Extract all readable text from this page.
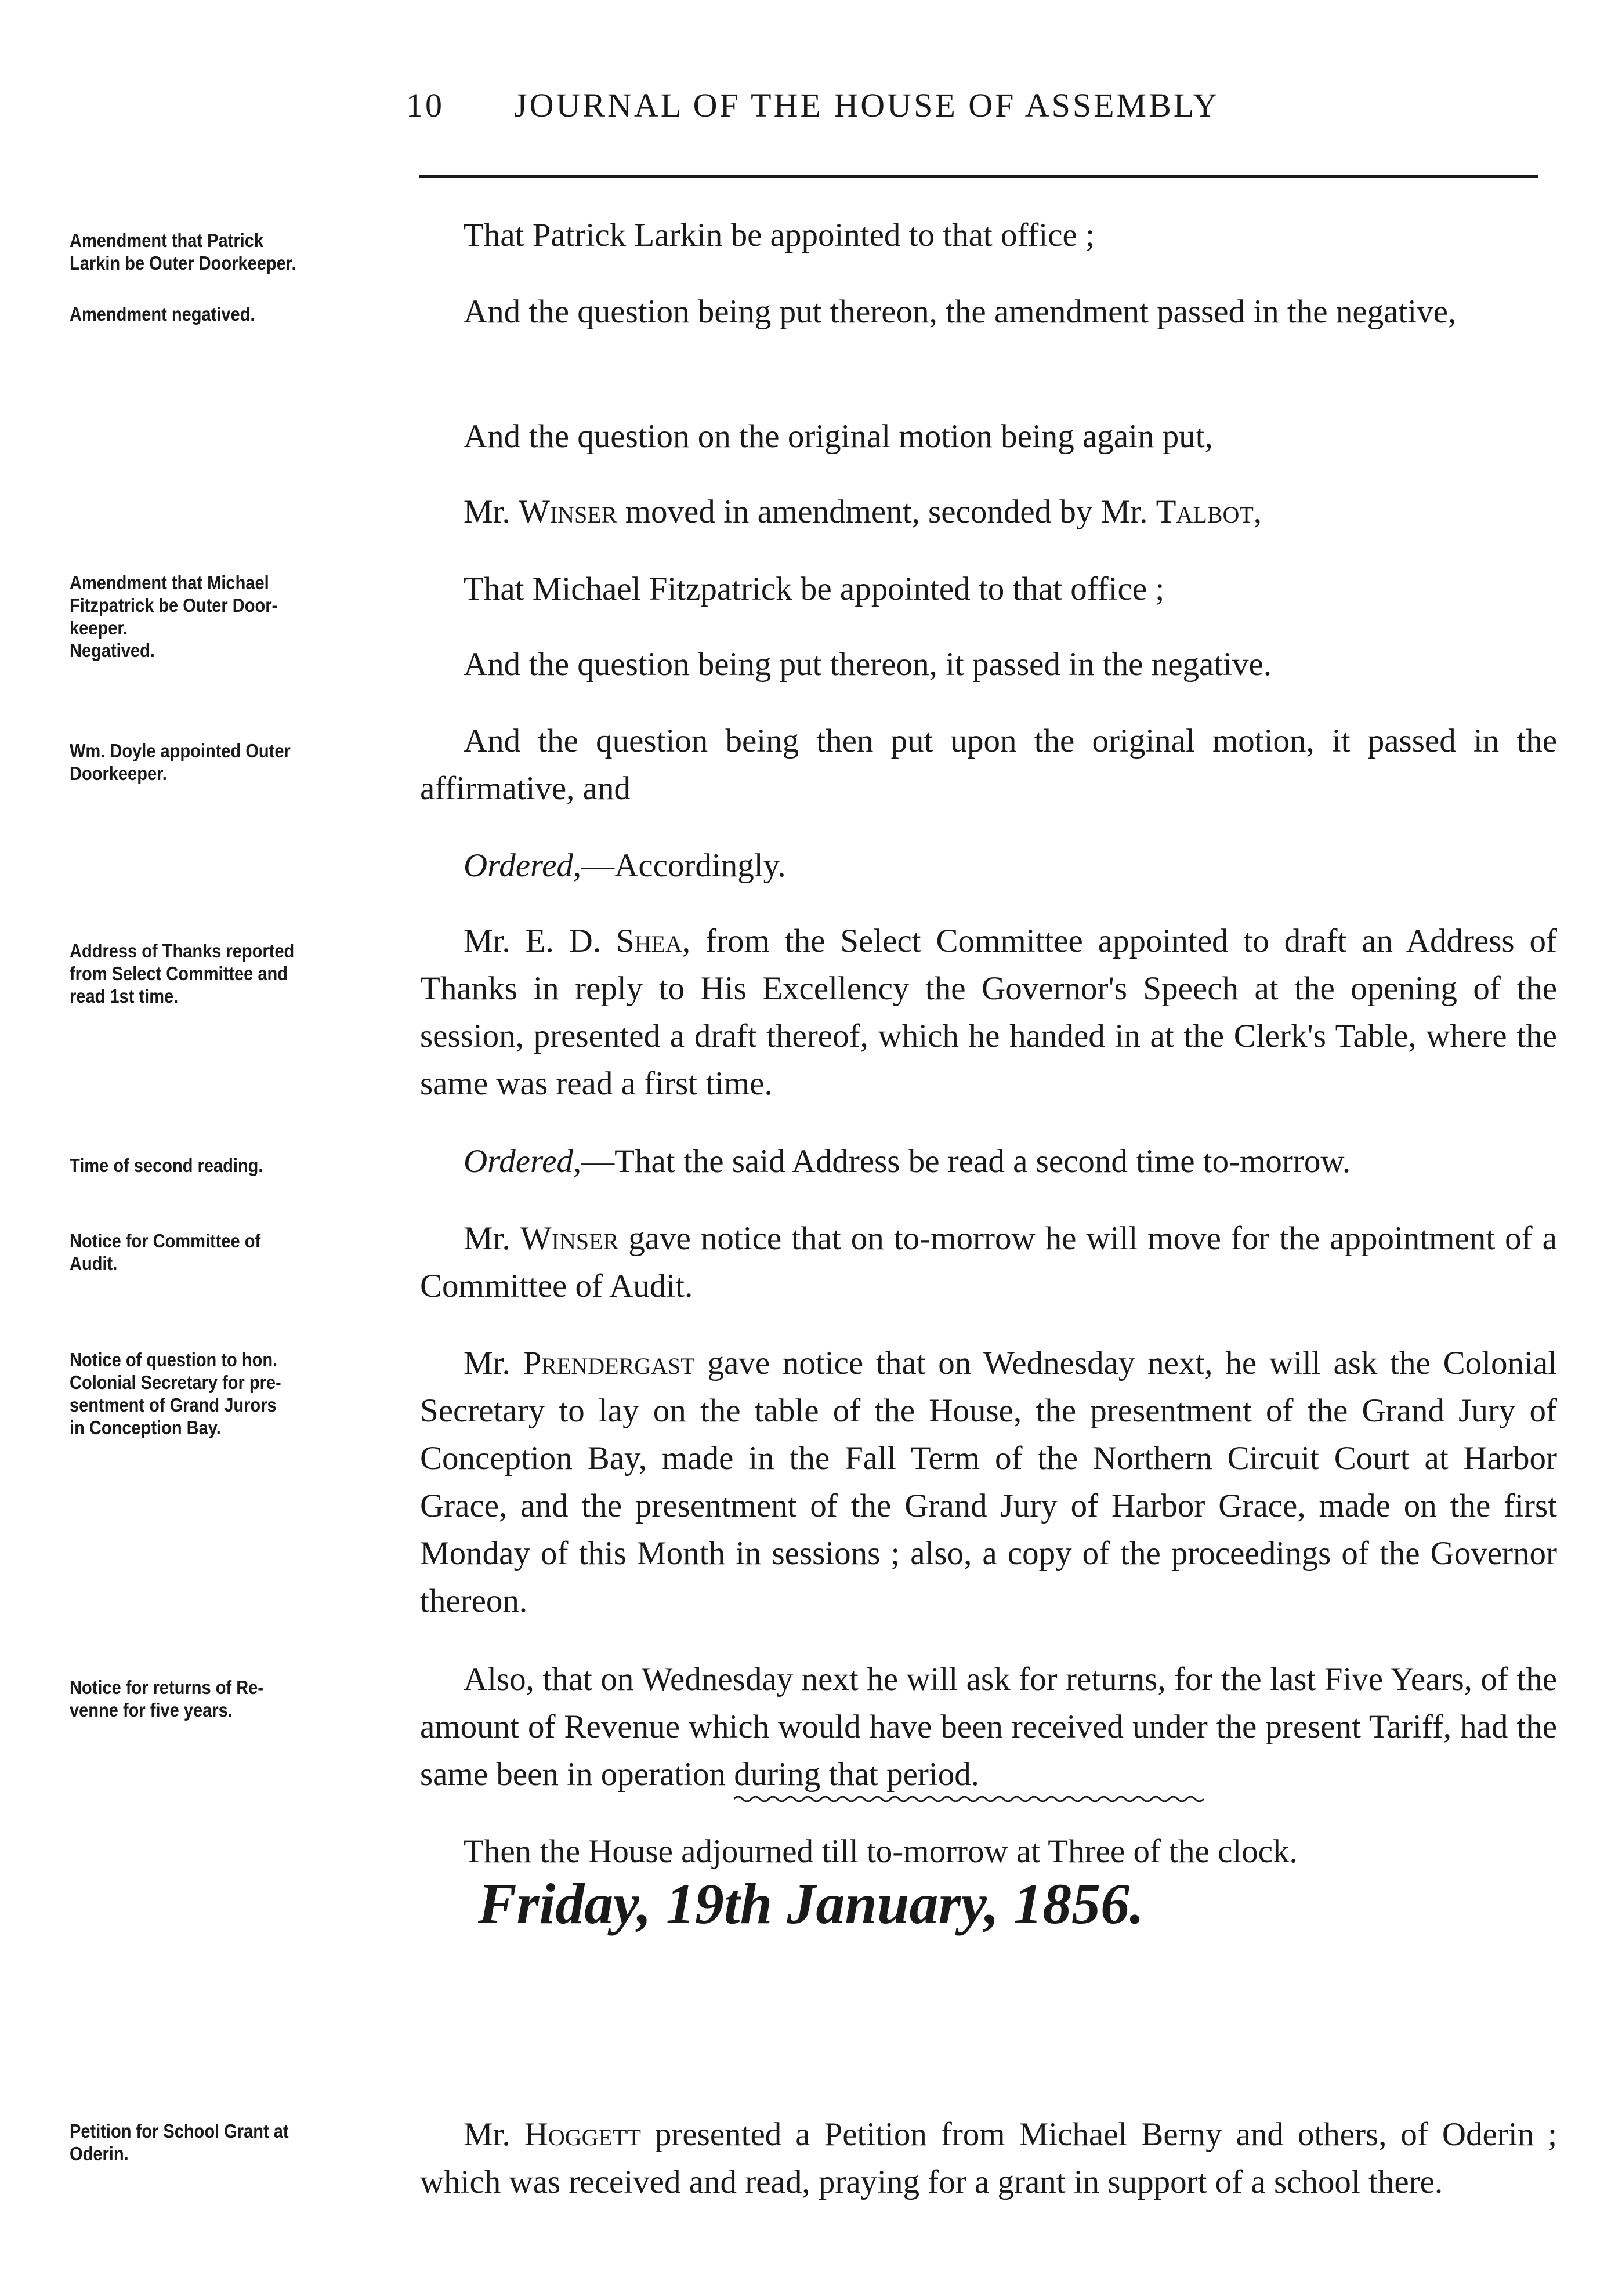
10 JOURNAL OF THE HOUSE OF ASSEMBLY
Amendment that Patrick
Larkin be Outer Doorkeeper.
Amendment negatived.
Amendment that Michael
Fitzpatrick be Outer Door-
keeper.
Negatived.
Wm. Doyle appointed Outer
Doorkeeper.
Address of Thanks reported
from Select Committee and
read 1st time.
Time of second reading.
Notice for Committee of
Audit.
Notice of question to hon.
Colonial Secretary for pre-
sentment of Grand Jurors
in Conception Bay.
Notice for returns of Re-
venne for five years.
Petition for School Grant at
Oderin.
That Patrick Larkin be appointed to that office ;
And the question being put thereon, the amendment passed in the negative,
And the question on the original motion being again put,
Mr. Winser moved in amendment, seconded by Mr. Talbot,
That Michael Fitzpatrick be appointed to that office ;
And the question being put thereon, it passed in the negative.
And the question being then put upon the original motion, it passed in the affirmative, and
Ordered,—Accordingly.
Mr. E. D. Shea, from the Select Committee appointed to draft an Address of Thanks in reply to His Excellency the Governor's Speech at the opening of the session, presented a draft thereof, which he handed in at the Clerk's Table, where the same was read a first time.
Ordered,—That the said Address be read a second time to-morrow.
Mr. Winser gave notice that on to-morrow he will move for the appointment of a Committee of Audit.
Mr. Prendergast gave notice that on Wednesday next, he will ask the Colonial Secretary to lay on the table of the House, the presentment of the Grand Jury of Conception Bay, made in the Fall Term of the Northern Circuit Court at Harbor Grace, and the presentment of the Grand Jury of Harbor Grace, made on the first Monday of this Month in sessions ; also, a copy of the proceedings of the Governor thereon.
Also, that on Wednesday next he will ask for returns, for the last Five Years, of the amount of Revenue which would have been received under the present Tariff, had the same been in operation during that period.
Then the House adjourned till to-morrow at Three of the clock.
Friday, 19th January, 1856.
Mr. Hoggett presented a Petition from Michael Berny and others, of Oderin ; which was received and read, praying for a grant in support of a school there.
